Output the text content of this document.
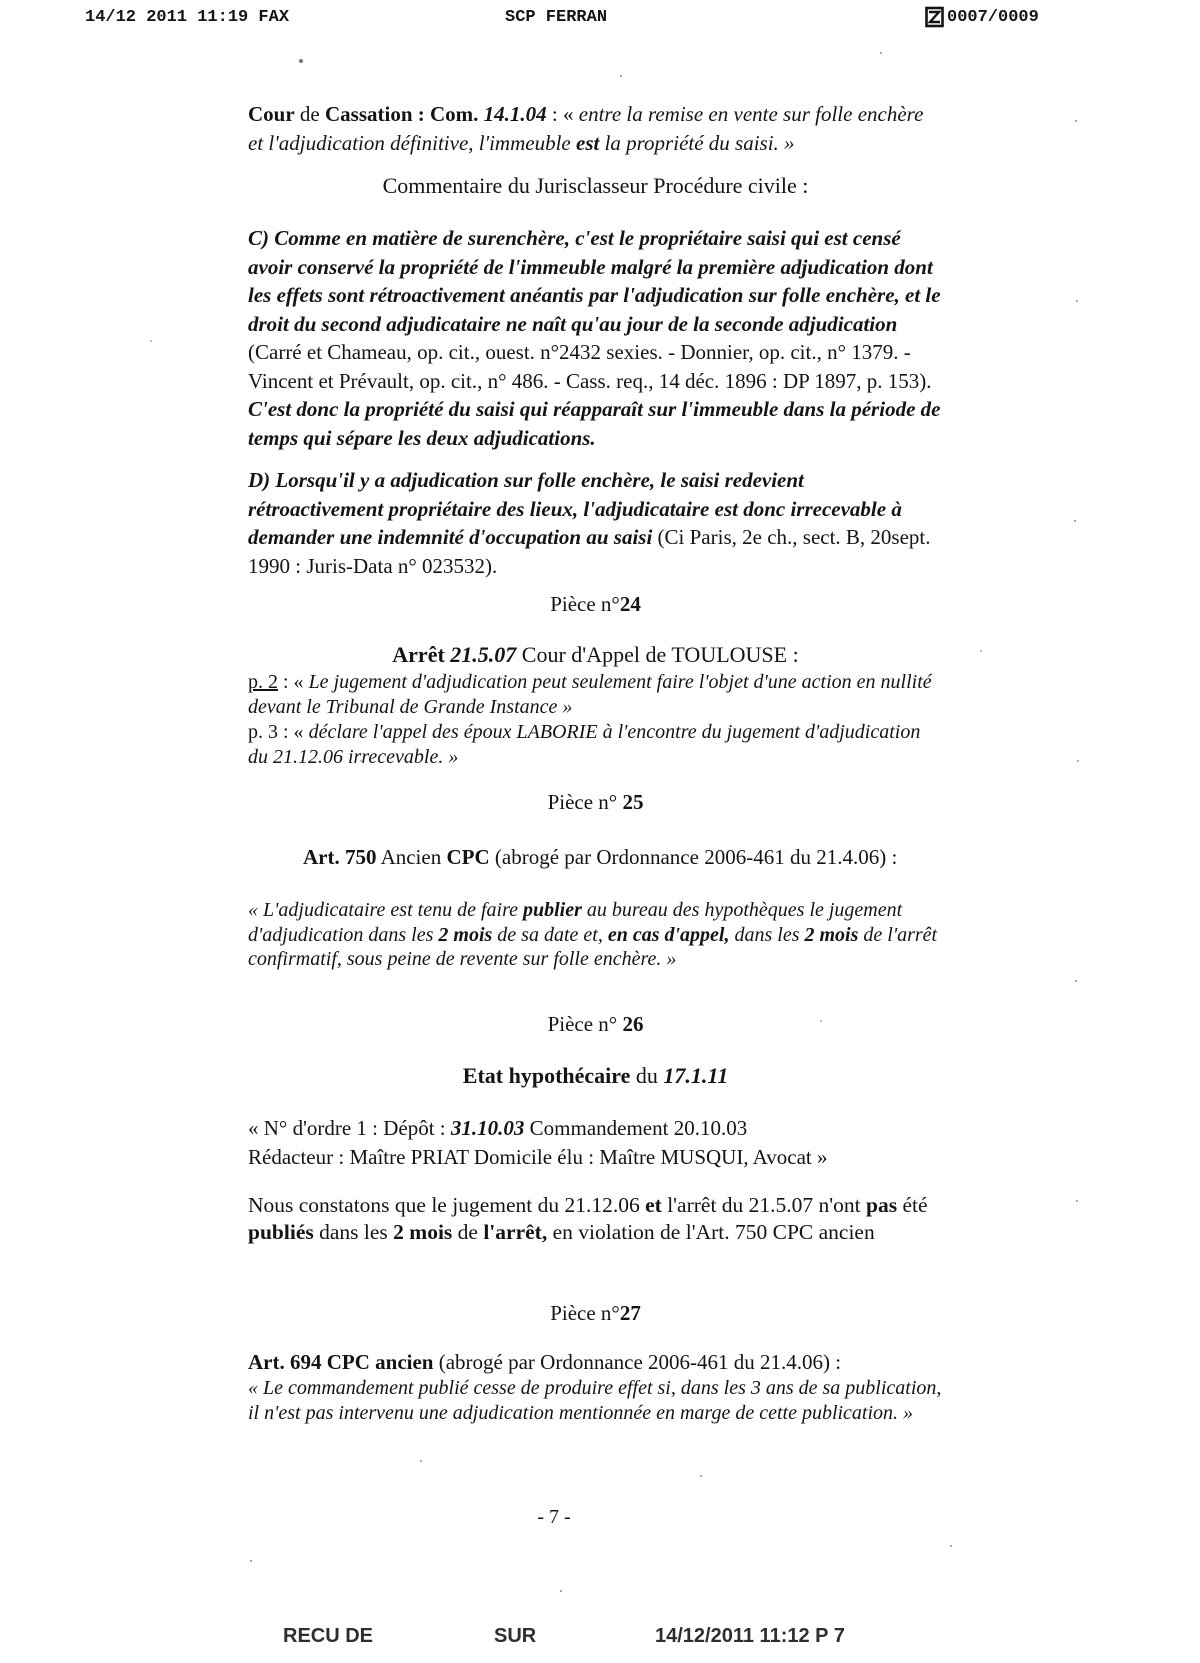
14/12 2011 11:19 FAX	SCP FERRAN	0007/0009
Cour de Cassation : Com. 14.1.04 : « entre la remise en vente sur folle enchère et l'adjudication définitive, l'immeuble est la propriété du saisi. »
Commentaire du Jurisclasseur Procédure civile :
C) Comme en matière de surenchère, c'est le propriétaire saisi qui est censé avoir conservé la propriété de l'immeuble malgré la première adjudication dont les effets sont rétroactivement anéantis par l'adjudication sur folle enchère, et le droit du second adjudicataire ne naît qu'au jour de la seconde adjudication (Carré et Chameau, op. cit., ouest. n°2432 sexies. - Donnier, op. cit., n° 1379. - Vincent et Prévault, op. cit., n° 486. - Cass. req., 14 déc. 1896 : DP 1897, p. 153). C'est donc la propriété du saisi qui réapparaît sur l'immeuble dans la période de temps qui sépare les deux adjudications.
D) Lorsqu'il y a adjudication sur folle enchère, le saisi redevient rétroactivement propriétaire des lieux, l'adjudicataire est donc irrecevable à demander une indemnité d'occupation au saisi (Ci Paris, 2e ch., sect. B, 20sept. 1990 : Juris-Data n° 023532).
Pièce n°24
Arrêt 21.5.07 Cour d'Appel de TOULOUSE :
p. 2 : « Le jugement d'adjudication peut seulement faire l'objet d'une action en nullité devant le Tribunal de Grande Instance »
p. 3 : « déclare l'appel des époux LABORIE à l'encontre du jugement d'adjudication du 21.12.06 irrecevable. »
Pièce n° 25
Art. 750 Ancien CPC (abrogé par Ordonnance 2006-461 du 21.4.06) :
« L'adjudicataire est tenu de faire publier au bureau des hypothèques le jugement d'adjudication dans les 2 mois de sa date et, en cas d'appel, dans les 2 mois de l'arrêt confirmatif, sous peine de revente sur folle enchère. »
Pièce n° 26
Etat hypothécaire du 17.1.11
« N° d'ordre 1 : Dépôt : 31.10.03 Commandement 20.10.03
Rédacteur : Maître PRIAT Domicile élu : Maître MUSQUI, Avocat »
Nous constatons que le jugement du 21.12.06 et l'arrêt du 21.5.07 n'ont pas été publiés dans les 2 mois de l'arrêt, en violation de l'Art. 750 CPC ancien
Pièce n°27
Art. 694 CPC ancien (abrogé par Ordonnance 2006-461 du 21.4.06) :
« Le commandement publié cesse de produire effet si, dans les 3 ans de sa publication, il n'est pas intervenu une adjudication mentionnée en marge de cette publication. »
- 7 -
RECU DE	SUR	14/12/2011 11:12 P 7
